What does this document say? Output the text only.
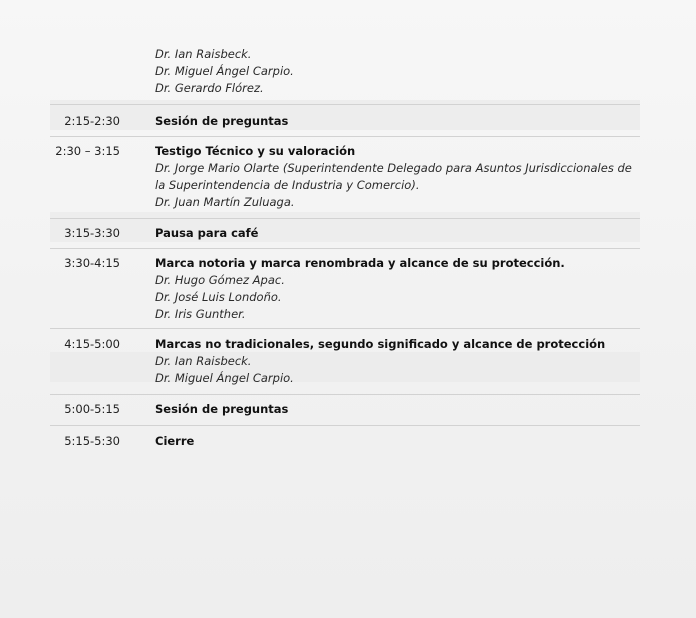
Dr. Ian Raisbeck.
Dr. Miguel Ángel Carpio.
Dr. Gerardo Flórez.
2:15-2:30	Sesión de preguntas
2:30 – 3:15	Testigo Técnico y su valoración
Dr. Jorge Mario Olarte (Superintendente Delegado para Asuntos Jurisdiccionales de la Superintendencia de Industria y Comercio).
Dr. Juan Martín Zuluaga.
3:15-3:30	Pausa para café
3:30-4:15	Marca notoria y marca renombrada y alcance de su protección.
Dr. Hugo Gómez Apac.
Dr. José Luis Londoño.
Dr. Iris Gunther.
4:15-5:00	Marcas no tradicionales, segundo significado y alcance de protección
Dr. Ian Raisbeck.
Dr. Miguel Ángel Carpio.
5:00-5:15	Sesión de preguntas
5:15-5:30	Cierre
